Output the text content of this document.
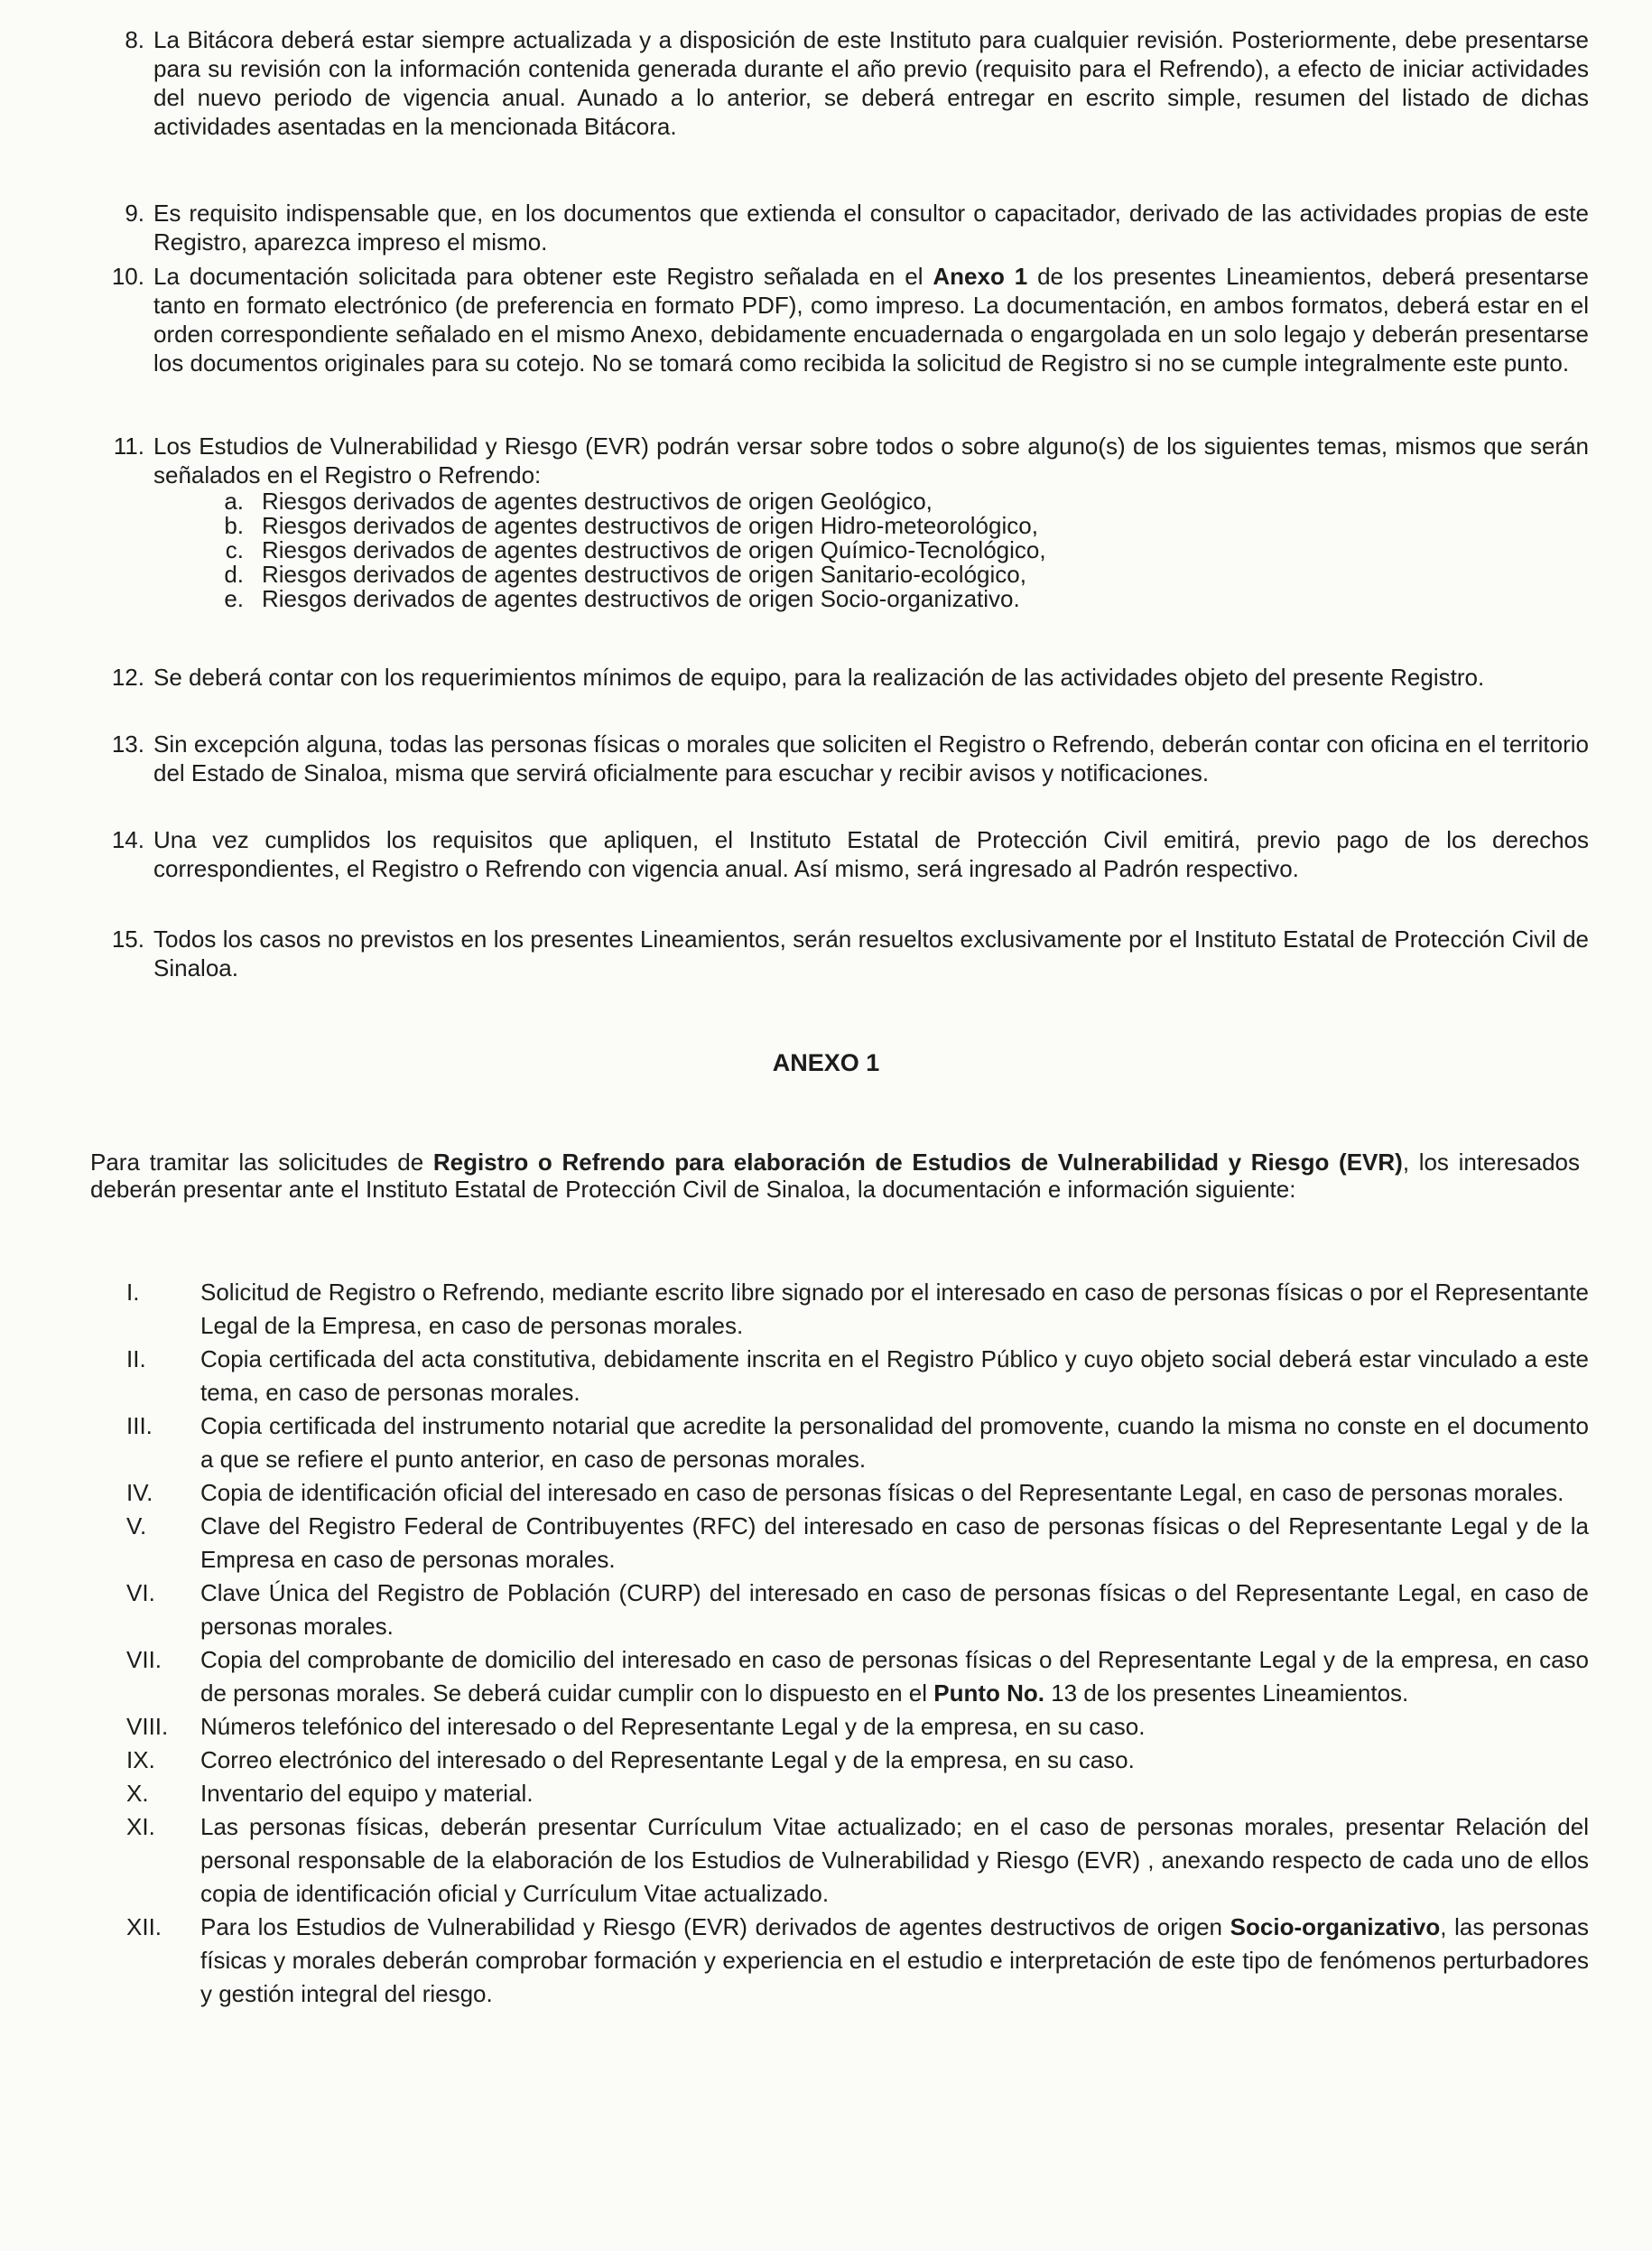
8. La Bitácora deberá estar siempre actualizada y a disposición de este Instituto para cualquier revisión. Posteriormente, debe presentarse para su revisión con la información contenida generada durante el año previo (requisito para el Refrendo), a efecto de iniciar actividades del nuevo periodo de vigencia anual. Aunado a lo anterior, se deberá entregar en escrito simple, resumen del listado de dichas actividades asentadas en la mencionada Bitácora.
9. Es requisito indispensable que, en los documentos que extienda el consultor o capacitador, derivado de las actividades propias de este Registro, aparezca impreso el mismo.
10. La documentación solicitada para obtener este Registro señalada en el Anexo 1 de los presentes Lineamientos, deberá presentarse tanto en formato electrónico (de preferencia en formato PDF), como impreso. La documentación, en ambos formatos, deberá estar en el orden correspondiente señalado en el mismo Anexo, debidamente encuadernada o engargolada en un solo legajo y deberán presentarse los documentos originales para su cotejo. No se tomará como recibida la solicitud de Registro si no se cumple integralmente este punto.
11. Los Estudios de Vulnerabilidad y Riesgo (EVR) podrán versar sobre todos o sobre alguno(s) de los siguientes temas, mismos que serán señalados en el Registro o Refrendo:
a. Riesgos derivados de agentes destructivos de origen Geológico,
b. Riesgos derivados de agentes destructivos de origen Hidro-meteorológico,
c. Riesgos derivados de agentes destructivos de origen Químico-Tecnológico,
d. Riesgos derivados de agentes destructivos de origen Sanitario-ecológico,
e. Riesgos derivados de agentes destructivos de origen Socio-organizativo.
12. Se deberá contar con los requerimientos mínimos de equipo, para la realización de las actividades objeto del presente Registro.
13. Sin excepción alguna, todas las personas físicas o morales que soliciten el Registro o Refrendo, deberán contar con oficina en el territorio del Estado de Sinaloa, misma que servirá oficialmente para escuchar y recibir avisos y notificaciones.
14. Una vez cumplidos los requisitos que apliquen, el Instituto Estatal de Protección Civil emitirá, previo pago de los derechos correspondientes, el Registro o Refrendo con vigencia anual. Así mismo, será ingresado al Padrón respectivo.
15. Todos los casos no previstos en los presentes Lineamientos, serán resueltos exclusivamente por el Instituto Estatal de Protección Civil de Sinaloa.
ANEXO 1
Para tramitar las solicitudes de Registro o Refrendo para elaboración de Estudios de Vulnerabilidad y Riesgo (EVR), los interesados deberán presentar ante el Instituto Estatal de Protección Civil de Sinaloa, la documentación e información siguiente:
I.	Solicitud de Registro o Refrendo, mediante escrito libre signado por el interesado en caso de personas físicas o por el Representante Legal de la Empresa, en caso de personas morales.
II.	Copia certificada del acta constitutiva, debidamente inscrita en el Registro Público y cuyo objeto social deberá estar vinculado a este tema, en caso de personas morales.
III.	Copia certificada del instrumento notarial que acredite la personalidad del promovente, cuando la misma no conste en el documento a que se refiere el punto anterior, en caso de personas morales.
IV.	Copia de identificación oficial del interesado en caso de personas físicas o del Representante Legal, en caso de personas morales.
V.	Clave del Registro Federal de Contribuyentes (RFC) del interesado en caso de personas físicas o del Representante Legal y de la Empresa en caso de personas morales.
VI.	Clave Única del Registro de Población (CURP) del interesado en caso de personas físicas o del Representante Legal, en caso de personas morales.
VII.	Copia del comprobante de domicilio del interesado en caso de personas físicas o del Representante Legal y de la empresa, en caso de personas morales. Se deberá cuidar cumplir con lo dispuesto en el Punto No. 13 de los presentes Lineamientos.
VIII.	Números telefónico del interesado o del Representante Legal y de la empresa, en su caso.
IX.	Correo electrónico del interesado o del Representante Legal y de la empresa, en su caso.
X.	Inventario del equipo y material.
XI.	Las personas físicas, deberán presentar Currículum Vitae actualizado; en el caso de personas morales, presentar Relación del personal responsable de la elaboración de los Estudios de Vulnerabilidad y Riesgo (EVR) , anexando respecto de cada uno de ellos copia de identificación oficial y Currículum Vitae actualizado.
XII.	Para los Estudios de Vulnerabilidad y Riesgo (EVR) derivados de agentes destructivos de origen Socio-organizativo, las personas físicas y morales deberán comprobar formación y experiencia en el estudio e interpretación de este tipo de fenómenos perturbadores y gestión integral del riesgo.
